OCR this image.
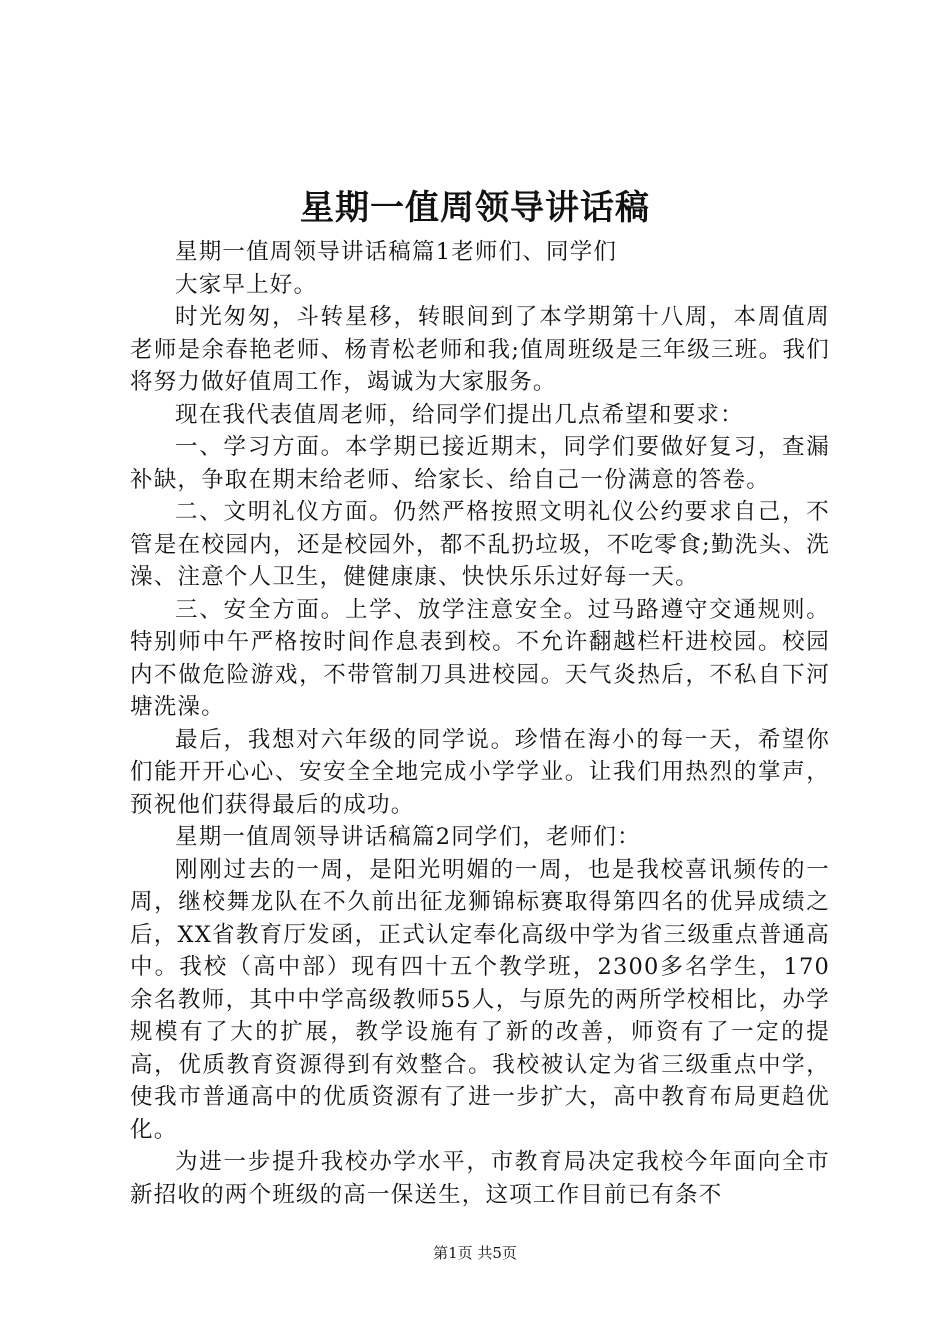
星期一值周领导讲话稿

星期一值周领导讲话稿篇1老师们、同学们

大家早上好。

时光匆匆，斗转星移，转眼间到了本学期第十八周，本周值周老师是余春艳老师、杨青松老师和我;值周班级是三年级三班。我们将努力做好值周工作，竭诚为大家服务。

现在我代表值周老师，给同学们提出几点希望和要求：

一、学习方面。本学期已接近期末，同学们要做好复习，查漏补缺，争取在期末给老师、给家长、给自己一份满意的答卷。

二、文明礼仪方面。仍然严格按照文明礼仪公约要求自己，不管是在校园内，还是校园外，都不乱扔垃圾，不吃零食;勤洗头、洗澡、注意个人卫生，健健康康、快快乐乐过好每一天。

三、安全方面。上学、放学注意安全。过马路遵守交通规则。特别师中午严格按时间作息表到校。不允许翻越栏杆进校园。校园内不做危险游戏，不带管制刀具进校园。天气炎热后，不私自下河塘洗澡。

最后，我想对六年级的同学说。珍惜在海小的每一天，希望你们能开开心心、安安全全地完成小学学业。让我们用热烈的掌声，预祝他们获得最后的成功。

星期一值周领导讲话稿篇2同学们，老师们：

刚刚过去的一周，是阳光明媚的一周，也是我校喜讯频传的一周，继校舞龙队在不久前出征龙狮锦标赛取得第四名的优异成绩之后，XX省教育厅发函，正式认定奉化高级中学为省三级重点普通高中。我校（高中部）现有四十五个教学班，2300多名学生，170余名教师，其中中学高级教师55人，与原先的两所学校相比，办学规模有了大的扩展，教学设施有了新的改善，师资有了一定的提高，优质教育资源得到有效整合。我校被认定为省三级重点中学，使我市普通高中的优质资源有了进一步扩大，高中教育布局更趋优化。

为进一步提升我校办学水平，市教育局决定我校今年面向全市新招收的两个班级的高一保送生，这项工作目前已有条不

第1页 共5页
